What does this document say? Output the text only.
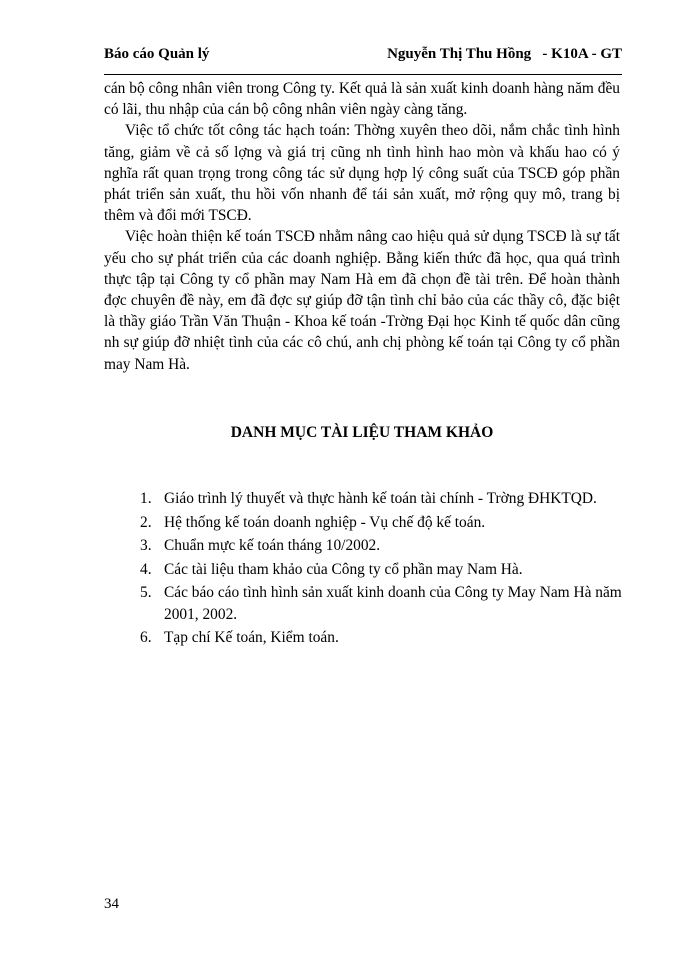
Báo cáo Quản lý	Nguyễn Thị Thu Hồng   - K10A - GT

cán bộ công nhân viên trong Công ty. Kết quả là sản xuất kinh doanh hàng năm đều có lãi, thu nhập của cán bộ công nhân viên ngày càng tăng.

Việc tổ chức tốt công tác hạch toán: Thờng xuyên theo dõi, nắm chắc tình hình tăng, giảm về cả số lợng và giá trị cũng nh tình hình hao mòn và khấu hao có ý nghĩa rất quan trọng trong công tác sử dụng hợp lý công suất của TSCĐ góp phần phát triển sản xuất, thu hồi vốn nhanh để tái sản xuất, mở rộng quy mô, trang bị thêm và đổi mới TSCĐ.

Việc hoàn thiện kế toán TSCĐ nhằm nâng cao hiệu quả sử dụng TSCĐ là sự tất yếu cho sự phát triển của các doanh nghiệp. Bằng kiến thức đã học, qua quá trình thực tập tại Công ty cổ phần may Nam Hà em đã chọn đề tài trên. Để hoàn thành đợc chuyên đề này, em đã đợc sự giúp đỡ tận tình chỉ bảo của các thầy cô, đặc biệt là thầy giáo Trần Văn Thuận - Khoa kế toán -Trờng Đại học Kinh tế quốc dân cũng nh sự giúp đỡ nhiệt tình của các cô chú, anh chị phòng kế toán tại Công ty cổ phần may Nam Hà.

DANH MỤC TÀI LIỆU THAM KHẢO
1. Giáo trình lý thuyết và thực hành kế toán tài chính - Trờng ĐHKTQD.
2. Hệ thống kế toán doanh nghiệp - Vụ chế độ kế toán.
3. Chuẩn mực kế toán tháng 10/2002.
4. Các tài liệu tham khảo của Công ty cổ phần may Nam Hà.
5. Các báo cáo tình hình sản xuất kinh doanh của Công ty May Nam Hà năm 2001, 2002.
6. Tạp chí Kế toán, Kiểm toán.
34
